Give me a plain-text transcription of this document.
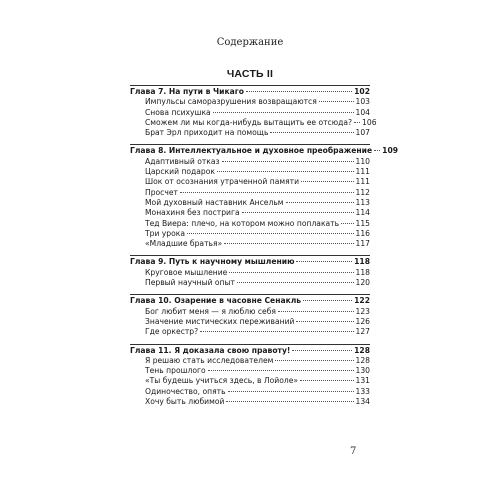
Содержание
ЧАСТЬ II
Глава 7. На пути в Чикаго	102
Импульсы саморазрушения возвращаются	103
Снова психушка	104
Сможем ли мы когда-нибудь вытащить ее отсюда? 106
Брат Эрл приходит на помощь	107
Глава 8. Интеллектуальное и духовное преображение 109
Адаптивный отказ	110
Царский подарок	111
Шок от осознания утраченной памяти	111
Просчет	112
Мой духовный наставник Ансельм	113
Монахиня без пострига	114
Тед Виера: плечо, на котором можно поплакать 115
Три урока	116
«Младшие братья»	117
Глава 9. Путь к научному мышлению	118
Круговое мышление	118
Первый научный опыт	120
Глава 10. Озарение в часовне Сенакль	122
Бог любит меня — я люблю себя	123
Значение мистических переживаний	126
Где оркестр?	127
Глава 11. Я доказала свою правоту!	128
Я решаю стать исследователем	128
Тень прошлого	130
«Ты будешь учиться здесь, в Лойоле»	131
Одиночество, опять	133
Хочу быть любимой	134
7
